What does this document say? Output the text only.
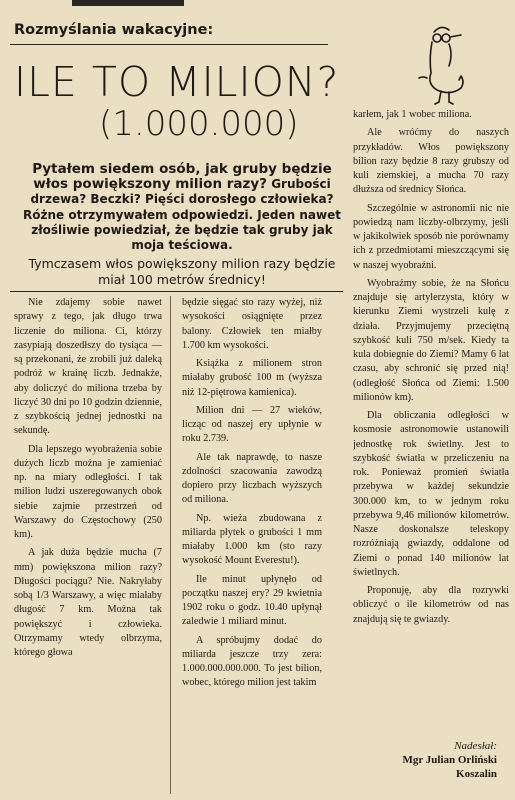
Rozmyślania wakacyjne:
ILE TO MILION?
(1.000.000)
Pytałem siedem osób, jak gruby będzie włos powiększony milion razy? Grubości drzewa? Beczki? Pięści dorosłego człowieka? Różne otrzymywałem odpowiedzi. Jeden nawet złośliwie powiedział, że będzie tak gruby jak moja teściowa.
Tymczasem włos powiększony milion razy będzie miał 100 metrów średnicy!

Nie zdajemy sobie nawet sprawy z tego, jak długo trwa liczenie do miliona. Ci, którzy zasypiają doszedłszy do tysiąca — są przekonani, że zrobili już daleką podróż w krainę liczb. Jednakże, aby doliczyć do miliona trzeba by liczyć 30 dni po 10 godzin dziennie, z szybkością jednej jednostki na sekundę.

Dla lepszego wyobrażenia sobie dużych liczb można je zamieniać np. na miary odległości. I tak milion ludzi uszeregowanych obok siebie zajmie przestrzeń od Warszawy do Częstochowy (250 km).

A jak duża będzie mucha (7 mm) powiększona milion razy? Długości pociągu? Nie. Nakryłaby sobą 1/3 Warszawy, a więc miałaby długość 7 km. Można tak powiększyć i człowieka. Otrzymamy wtedy olbrzyma, którego głowa

będzie sięgać sto razy wyżej, niż wysokości osiągnięte przez balony. Człowiek ten miałby 1.700 km wysokości.

Książka z milionem stron miałaby grubość 100 m (wyższa niż 12-piętrowa kamienica).

Milion dni — 27 wieków, licząc od naszej ery upłynie w roku 2.739.

Ale tak naprawdę, to nasze zdolności szacowania zawodzą dopiero przy liczbach wyższych od miliona.

Np. wieża zbudowana z miliarda płytek o grubości 1 mm miałaby 1.000 km (sto razy wysokość Mount Everestu!).

Ile minut upłynęło od początku naszej ery? 29 kwietnia 1902 roku o godz. 10.40 upłynął zaledwie 1 miliard minut.

A spróbujmy dodać do miliarda jeszcze trzy zera: 1.000.000.000.000. To jest bilion, wobec, którego milion jest takim

karłem, jak 1 wobec miliona.

Ale wróćmy do naszych przykładów. Włos powiększony bilion razy będzie 8 razy grubszy od kuli ziemskiej, a mucha 70 razy dłuższa od średnicy Słońca.

Szczególnie w astronomii nic nie powiedzą nam liczby-olbrzymy, jeśli w jakikolwiek sposób nie porównamy ich z przedmiotami mieszczącymi się w naszej wyobraźni.

Wyobraźmy sobie, że na Słońcu znajduje się artylerzysta, który w kierunku Ziemi wystrzeli kulę z działa. Przyjmujemy przeciętną szybkość kuli 750 m/sek. Kiedy ta kula dobiegnie do Ziemi? Mamy 6 lat czasu, aby schronić się przed nią! (odległość Słońca od Ziemi: 1.500 milionów km).

Dla obliczania odległości w kosmosie astronomowie ustanowili jednostkę rok świetlny. Jest to szybkość światła w przeliczeniu na rok. Ponieważ promień światła przebywa w każdej sekundzie 300.000 km, to w jednym roku przebywa 9,46 milionów kilometrów. Nasze doskonalsze teleskopy rozróżniają gwiazdy, oddalone od Ziemi o ponad 140 milionów lat świetlnych.

Proponuję, aby dla rozrywki obliczyć o ile kilometrów od nas znajdują się te gwiazdy.

Nadesłał:
Mgr Julian Orliński
Koszalin
